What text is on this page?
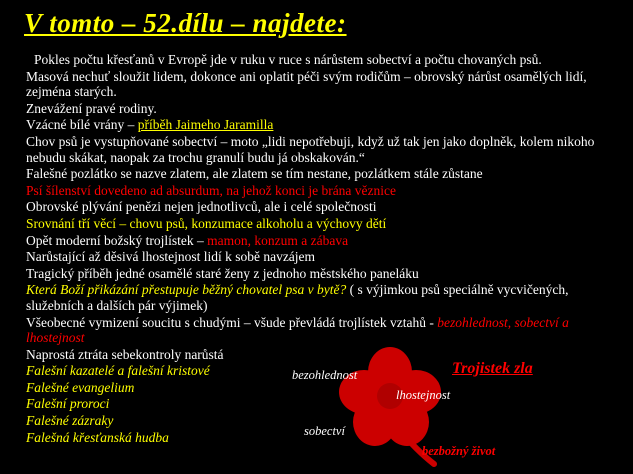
V tomto – 52.dílu – najdete:

Pokles počtu křesťanů v Evropě jde v ruku v ruce s nárůstem sobectví a počtu chovaných psů.

Masová nechuť sloužit lidem, dokonce ani oplatit péči svým rodičům – obrovský nárůst osamělých lidí, zejména starých.

Znevážení pravé rodiny.

Vzácné bílé vrány – příběh Jaimeho Jaramilla

Chov psů je vystupňované sobectví – moto „lidi nepotřebuji, když už tak jen jako doplněk, kolem nikoho nebudu skákat, naopak za trochu granulí budu já obskakován.“

Falešné pozlátko se nazve zlatem, ale zlatem se tím nestane, pozlátkem stále zůstane

Psí šílenství dovedeno ad absurdum, na jehož konci je brána věznice

Obrovské plývání penězi nejen jednotlivců, ale i celé společnosti

Srovnání tří věcí – chovu psů, konzumace alkoholu a výchovy dětí

Opět moderní božský trojlístek – mamon, konzum a zábava

Narůstající až děsivá lhostejnost lidí k sobě navzájem

Tragický příběh jedné osamělé staré ženy z jednoho městského paneláku

Která Boží přikázání přestupuje běžný chovatel psa v bytě? ( s výjimkou psů speciálně vycvičených, služebních a dalších pár výjimek)

Všeobecné vymizení soucitu s chudými – všude převládá trojlístek vztahů - bezohlednost, sobectví a lhostejnost

Naprostá ztráta sebekontroly narůstá

Falešní kazatelé a falešní kristové

Falešné evangelium

Falešní proroci

Falešné zázraky

Falešná křesťanská hudba

bezohlednost
lhostejnost
sobectví
bezbožný život
Trojistek zla
